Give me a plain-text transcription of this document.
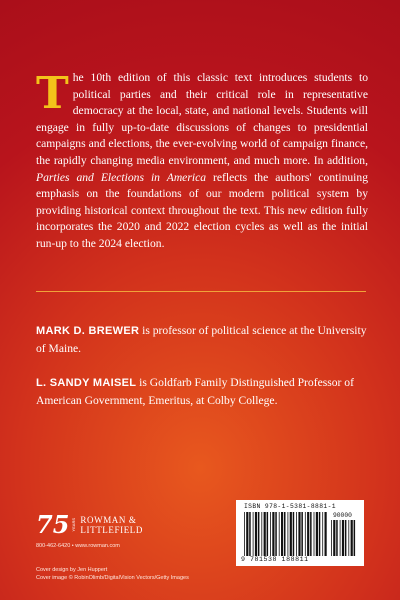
The 10th edition of this classic text introduces students to political parties and their critical role in representative democracy at the local, state, and national levels. Students will engage in fully up-to-date discussions of changes to presidential campaigns and elections, the ever-evolving world of campaign finance, the rapidly changing media environment, and much more. In addition, Parties and Elections in America reflects the authors' continuing emphasis on the foundations of our modern political system by providing historical context throughout the text. This new edition fully incorporates the 2020 and 2022 election cycles as well as the initial run-up to the 2024 election.

MARK D. BREWER is professor of political science at the University of Maine.

L. SANDY MAISEL is Goldfarb Family Distinguished Professor of American Government, Emeritus, at Colby College.

75 YEARS ROWMAN &
LITTLEFIELD
800-462-6420 • www.rowman.com
Cover design by Jen Huppert
Cover image © RobinOlimb/DigitalVision Vectors/Getty Images
ISBN 978-1-5381-8881-1
90000
9 781538 188811
